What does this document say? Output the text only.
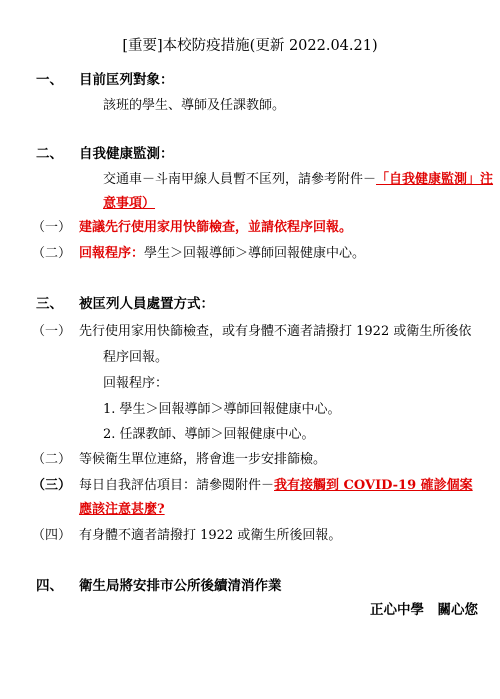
[重要]本校防疫措施(更新 2022.04.21)
一、 目前匡列對象：
該班的學生、導師及任課教師。
二、 自我健康監測：
交通車－斗南甲線人員暫不匡列，請參考附件－「自我健康監測」注
意事項）
（一） 建議先行使用家用快篩檢查，並請依程序回報。
（二） 回報程序：學生＞回報導師＞導師回報健康中心。
三、 被匡列人員處置方式：
（一） 先行使用家用快篩檢查，或有身體不適者請撥打 1922 或衛生所後依
程序回報。
回報程序：
1. 學生＞回報導師＞導師回報健康中心。
2. 任課教師、導師＞回報健康中心。
（二） 等候衛生單位連絡，將會進一步安排篩檢。
（三） 每日自我評估項目：請參閱附件－我有接觸到 COVID-19 確診個案
應該注意甚麼?
（四） 有身體不適者請撥打 1922 或衛生所後回報。
四、 衛生局將安排市公所後續清消作業
正心中學　關心您
